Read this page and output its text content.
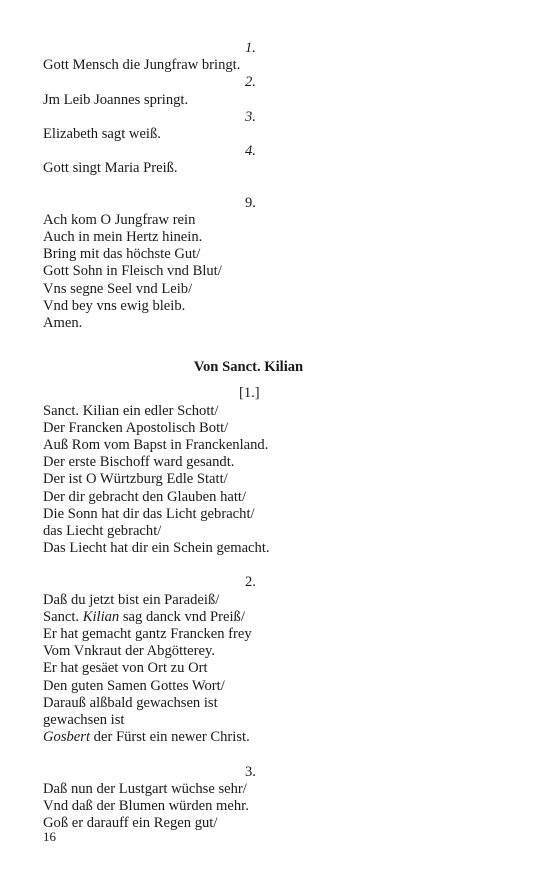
1.
Gott Mensch die Jungfraw bringt.
2.
Jm Leib Joannes springt.
3.
Elizabeth sagt weiß.
4.
Gott singt Maria Preiß.
9.
Ach kom O Jungfraw rein
Auch in mein Hertz hinein.
Bring mit das höchste Gut/
Gott Sohn in Fleisch vnd Blut/
Vns segne Seel vnd Leib/
Vnd bey vns ewig bleib.
Amen.
Von Sanct. Kilian
[1.]
Sanct. Kilian ein edler Schott/
Der Francken Apostolisch Bott/
Auß Rom vom Bapst in Franckenland.
Der erste Bischoff ward gesandt.
Der ist O Würtzburg Edle Statt/
Der dir gebracht den Glauben hatt/
Die Sonn hat dir das Licht gebracht/
das Liecht gebracht/
Das Liecht hat dir ein Schein gemacht.
2.
Daß du jetzt bist ein Paradeiß/
Sanct. Kilian sag danck vnd Preiß/
Er hat gemacht gantz Francken frey
Vom Vnkraut der Abgötterey.
Er hat gesäet von Ort zu Ort
Den guten Samen Gottes Wort/
Darauß alßbald gewachsen ist
gewachsen ist
Gosbert der Fürst ein newer Christ.
3.
Daß nun der Lustgart wüchse sehr/
Vnd daß der Blumen würden mehr.
Goß er darauff ein Regen gut/
16
